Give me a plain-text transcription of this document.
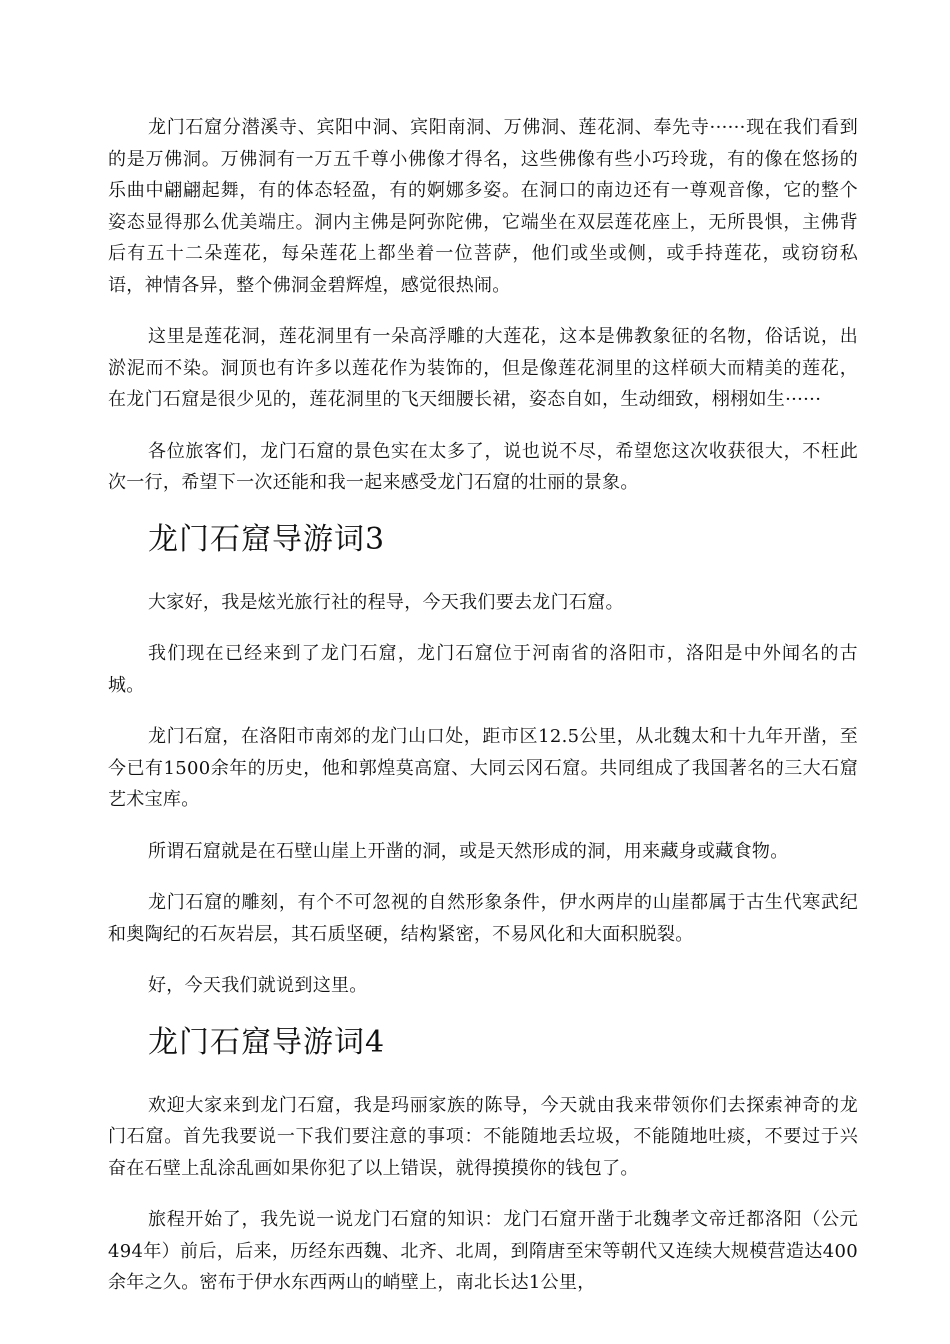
龙门石窟分潜溪寺、宾阳中洞、宾阳南洞、万佛洞、莲花洞、奉先寺······现在我们看到的是万佛洞。万佛洞有一万五千尊小佛像才得名，这些佛像有些小巧玲珑，有的像在悠扬的乐曲中翩翩起舞，有的体态轻盈，有的婀娜多姿。在洞口的南边还有一尊观音像，它的整个姿态显得那么优美端庄。洞内主佛是阿弥陀佛，它端坐在双层莲花座上，无所畏惧，主佛背后有五十二朵莲花，每朵莲花上都坐着一位菩萨，他们或坐或侧，或手持莲花，或窃窃私语，神情各异，整个佛洞金碧辉煌，感觉很热闹。

这里是莲花洞，莲花洞里有一朵高浮雕的大莲花，这本是佛教象征的名物，俗话说，出淤泥而不染。洞顶也有许多以莲花作为装饰的，但是像莲花洞里的这样硕大而精美的莲花，在龙门石窟是很少见的，莲花洞里的飞天细腰长裙，姿态自如，生动细致，栩栩如生······

各位旅客们，龙门石窟的景色实在太多了，说也说不尽，希望您这次收获很大，不枉此次一行，希望下一次还能和我一起来感受龙门石窟的壮丽的景象。

龙门石窟导游词3

大家好，我是炫光旅行社的程导，今天我们要去龙门石窟。

我们现在已经来到了龙门石窟，龙门石窟位于河南省的洛阳市，洛阳是中外闻名的古城。

龙门石窟，在洛阳市南郊的龙门山口处，距市区12.5公里，从北魏太和十九年开凿，至今已有1500余年的历史，他和郭煌莫高窟、大同云冈石窟。共同组成了我国著名的三大石窟艺术宝库。

所谓石窟就是在石壁山崖上开凿的洞，或是天然形成的洞，用来藏身或藏食物。

龙门石窟的雕刻，有个不可忽视的自然形象条件，伊水两岸的山崖都属于古生代寒武纪和奥陶纪的石灰岩层，其石质坚硬，结构紧密，不易风化和大面积脱裂。

好，今天我们就说到这里。

龙门石窟导游词4

欢迎大家来到龙门石窟，我是玛丽家族的陈导，今天就由我来带领你们去探索神奇的龙门石窟。首先我要说一下我们要注意的事项：不能随地丢垃圾，不能随地吐痰，不要过于兴奋在石壁上乱涂乱画如果你犯了以上错误，就得摸摸你的钱包了。

旅程开始了，我先说一说龙门石窟的知识：龙门石窟开凿于北魏孝文帝迁都洛阳（公元494年）前后，后来，历经东西魏、北齐、北周，到隋唐至宋等朝代又连续大规模营造达400余年之久。密布于伊水东西两山的峭壁上，南北长达1公里，
